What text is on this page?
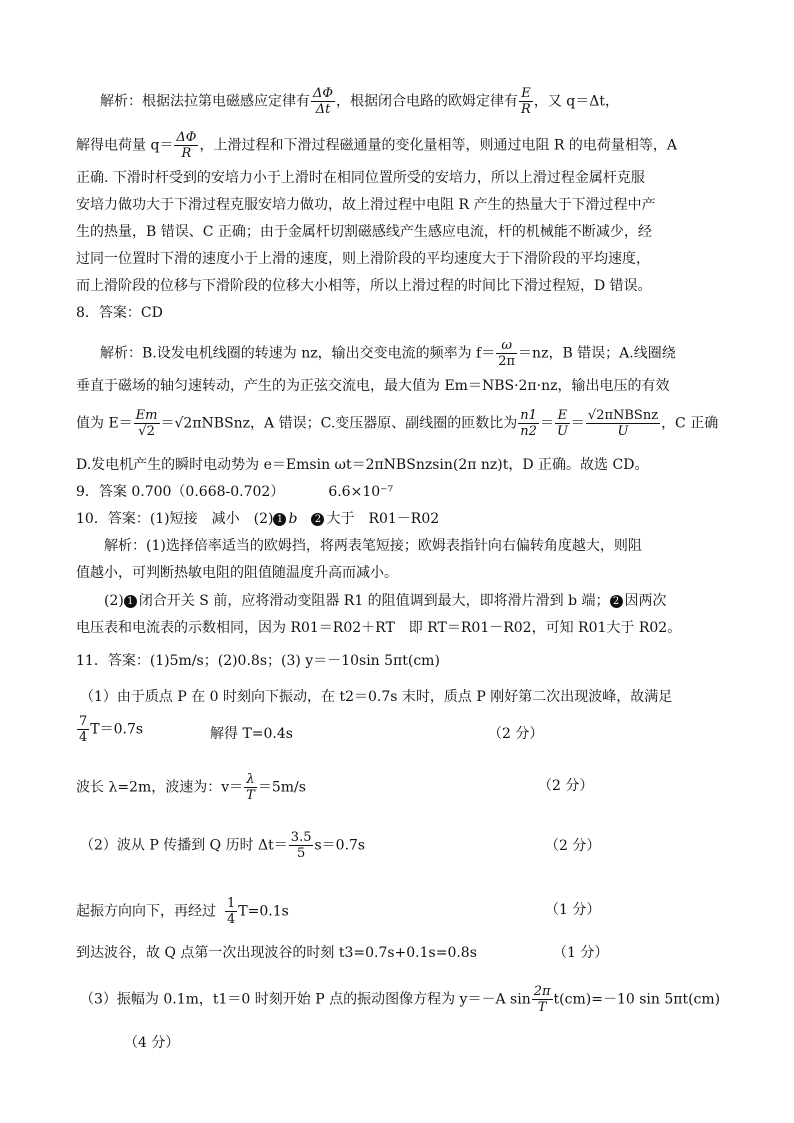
解析：根据法拉第电磁感应定律有 $\frac{\Delta\Phi}{\Delta t}$ ，根据闭合电路的欧姆定律有 $\frac{E}{R}$ ，又 q＝Δt，
解得电荷量 $q= \frac{\Delta\Phi}{R}$ ，上滑过程和下滑过程磁通量的变化量相等，则通过电阻 R 的电荷量相等，A
正确. 下滑时杆受到的安培力小于上滑时在相同位置所受的安培力，所以上滑过程金属杆克服
安培力做功大于下滑过程克服安培力做功，故上滑过程中电阻 R 产生的热量大于下滑过程中产
生的热量，B 错误、C 正确；由于金属杆切割磁感线产生感应电流，杆的机械能不断减少，经
过同一位置时下滑的速度小于上滑的速度，则上滑阶段的平均速度大于下滑阶段的平均速度，
而上滑阶段的位移与下滑阶段的位移大小相等，所以上滑过程的时间比下滑过程短，D 错误。
8．答案：CD
解析：B.设发电机线圈的转速为 nz，输出交变电流的频率为 $f= \frac{\omega}{2\pi} =nz$，B 错误；A.线圈绕
垂直于磁场的轴匀速转动，产生的为正弦交流电，最大值为 Em＝NBS·2π·nz，输出电压的有效
值为 $E= \frac{Em}{√2}$ ＝√2πNBSnz，A 错误；C.变压器原、副线圈的匝数比为 $\frac{n1}{n2} = \frac{E}{U} = \frac{\text{√2πNBSnz}}{U}$ ，C 正确
D.发电机产生的瞬时电动势为 e＝Emsin ωt＝2πNBSnzsin(2π nz)t，D 正确。故选 CD。
9．答案 0.700（0.668-0.702）	6.6×10⁻⁷
10．答案：(1)短接　减小　(2) 1 b　2 大于　R01－R02
解析：(1)选择倍率适当的欧姆挡，将两表笔短接；欧姆表指针向右偏转角度越大，则阻
值越小，可判断热敏电阻的阻值随温度升高而减小。
(2) 1 闭合开关 S 前，应将滑动变阻器 R1 的阻值调到最大，即将滑片滑到 b 端； 2 因两次
电压表和电流表的示数相同，因为 R01＝R02＋RT　即 RT＝R01－R02，可知 R01大于 R02。
11．答案：(1)5m/s；(2)0.8s；(3) y＝－10sin 5πt(cm)
（1）由于质点 P 在 0 时刻向下振动，在 t2＝0.7s 末时，质点 P 刚好第二次出现波峰，故满足
$\frac{7}{4} T=0.7s$	解得 T=0.4s	（2 分）
波长 λ=2m，波速为：$v= \frac{\lambda}{T} =5m/s$	（2 分）
（2）波从 P 传播到 Q 历时 $\Delta t= \frac{3.5}{5} s=0.7s$	（2 分）
起振方向向下，再经过 $\frac{1}{4} T=0.1s$	（1 分）
到达波谷，故 Q 点第一次出现波谷的时刻 t3=0.7s+0.1s=0.8s	（1 分）
（3）振幅为 0.1m，t1＝0 时刻开始 P 点的振动图像方程为 y＝－A $\sin \frac{2\pi}{T} t(cm)=-10$ sin 5πt(cm)
（4 分）
